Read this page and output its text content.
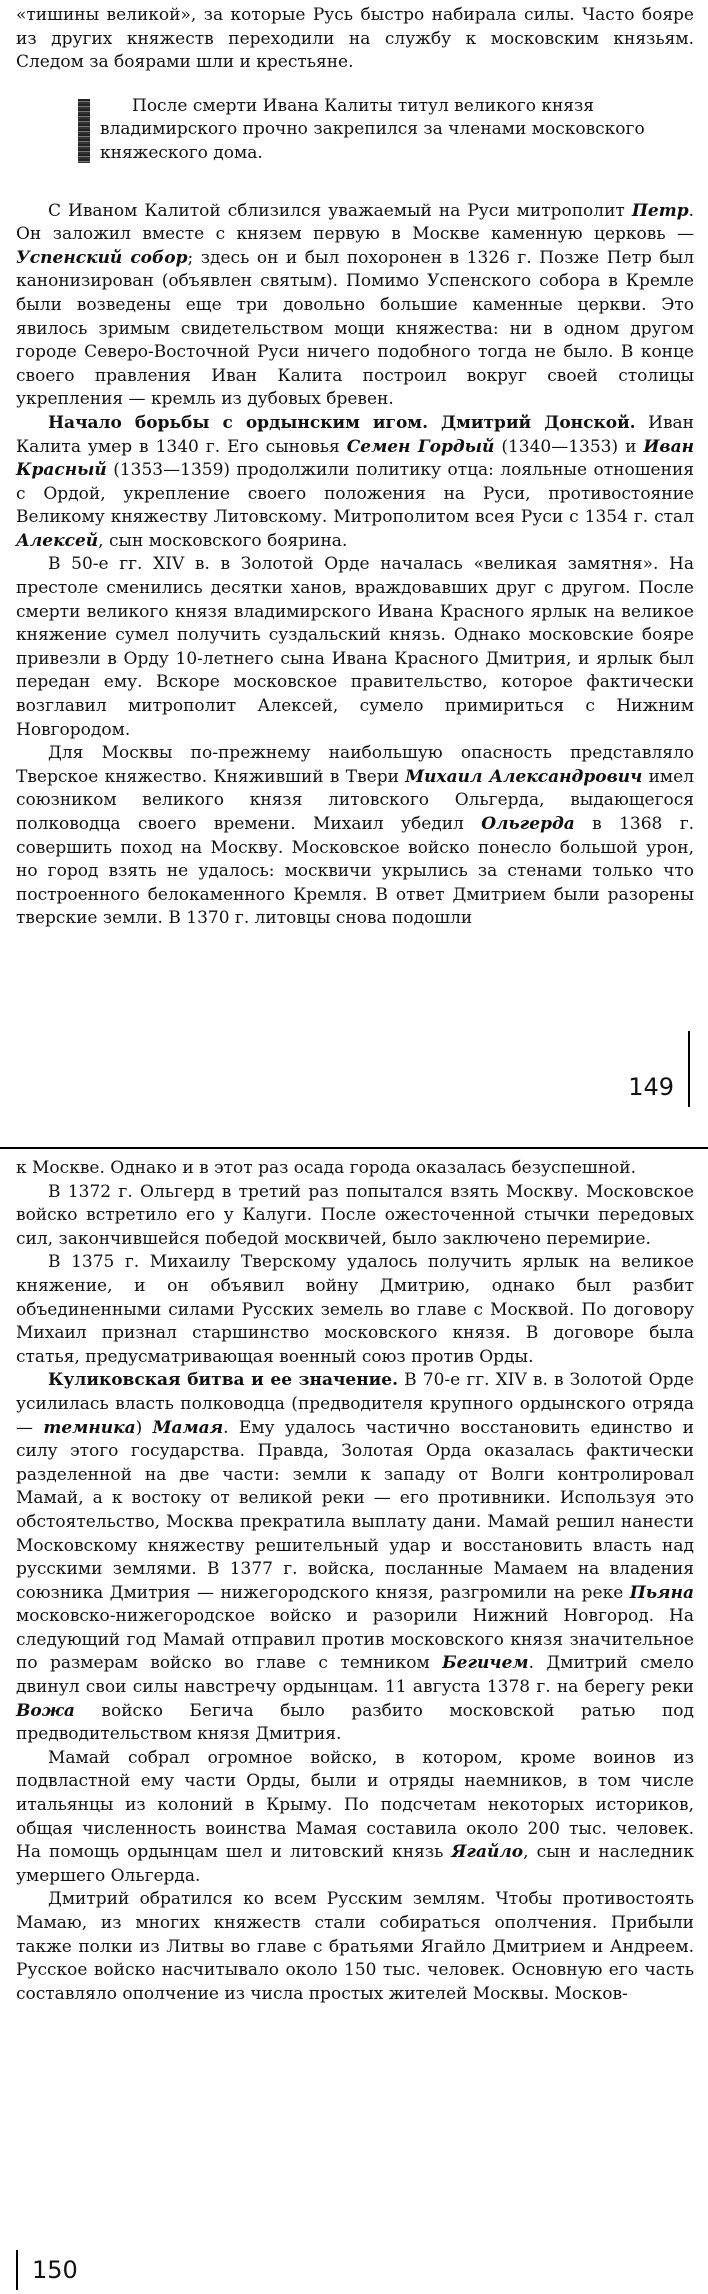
«тишины великой», за которые Русь быстро набирала силы. Часто бояре из других княжеств переходили на службу к московским князьям. Следом за боярами шли и крестьяне.

После смерти Ивана Калиты титул великого князя владимирского прочно закрепился за членами московского княжеского дома.

С Иваном Калитой сблизился уважаемый на Руси митрополит Петр. Он заложил вместе с князем первую в Москве каменную церковь — Успенский собор; здесь он и был похоронен в 1326 г. Позже Петр был канонизирован (объявлен святым). Помимо Успенского собора в Кремле были возведены еще три довольно большие каменные церкви. Это явилось зримым свидетельством мощи княжества: ни в одном другом городе Северо-Восточной Руси ничего подобного тогда не было. В конце своего правления Иван Калита построил вокруг своей столицы укрепления — кремль из дубовых бревен.

Начало борьбы с ордынским игом. Дмитрий Донской. Иван Калита умер в 1340 г. Его сыновья Семен Гордый (1340—1353) и Иван Красный (1353—1359) продолжили политику отца: лояльные отношения с Ордой, укрепление своего положения на Руси, противостояние Великому княжеству Литовскому. Митрополитом всея Руси с 1354 г. стал Алексей, сын московского боярина.

В 50-е гг. XIV в. в Золотой Орде началась «великая замятня». На престоле сменились десятки ханов, враждовавших друг с другом. После смерти великого князя владимирского Ивана Красного ярлык на великое княжение сумел получить суздальский князь. Однако московские бояре привезли в Орду 10-летнего сына Ивана Красного Дмитрия, и ярлык был передан ему. Вскоре московское правительство, которое фактически возглавил митрополит Алексей, сумело примириться с Нижним Новгородом.

Для Москвы по-прежнему наибольшую опасность представляло Тверское княжество. Княживший в Твери Михаил Александрович имел союзником великого князя литовского Ольгерда, выдающегося полководца своего времени. Михаил убедил Ольгерда в 1368 г. совершить поход на Москву. Московское войско понесло большой урон, но город взять не удалось: москвичи укрылись за стенами только что построенного белокаменного Кремля. В ответ Дмитрием были разорены тверские земли. В 1370 г. литовцы снова подошли

149

к Москве. Однако и в этот раз осада города оказалась безуспешной.

В 1372 г. Ольгерд в третий раз попытался взять Москву. Московское войско встретило его у Калуги. После ожесточенной стычки передовых сил, закончившейся победой москвичей, было заключено перемирие.

В 1375 г. Михаилу Тверскому удалось получить ярлык на великое княжение, и он объявил войну Дмитрию, однако был разбит объединенными силами Русских земель во главе с Москвой. По договору Михаил признал старшинство московского князя. В договоре была статья, предусматривающая военный союз против Орды.

Куликовская битва и ее значение. В 70-е гг. XIV в. в Золотой Орде усилилась власть полководца (предводителя крупного ордынского отряда — темника) Мамая. Ему удалось частично восстановить единство и силу этого государства. Правда, Золотая Орда оказалась фактически разделенной на две части: земли к западу от Волги контролировал Мамай, а к востоку от великой реки — его противники. Используя это обстоятельство, Москва прекратила выплату дани. Мамай решил нанести Московскому княжеству решительный удар и восстановить власть над русскими землями. В 1377 г. войска, посланные Мамаем на владения союзника Дмитрия — нижегородского князя, разгромили на реке Пьяна московско-нижегородское войско и разорили Нижний Новгород. На следующий год Мамай отправил против московского князя значительное по размерам войско во главе с темником Бегичем. Дмитрий смело двинул свои силы навстречу ордынцам. 11 августа 1378 г. на берегу реки Вожа войско Бегича было разбито московской ратью под предводительством князя Дмитрия.

Мамай собрал огромное войско, в котором, кроме воинов из подвластной ему части Орды, были и отряды наемников, в том числе итальянцы из колоний в Крыму. По подсчетам некоторых историков, общая численность воинства Мамая составила около 200 тыс. человек. На помощь ордынцам шел и литовский князь Ягайло, сын и наследник умершего Ольгерда.

Дмитрий обратился ко всем Русским землям. Чтобы противостоять Мамаю, из многих княжеств стали собираться ополчения. Прибыли также полки из Литвы во главе с братьями Ягайло Дмитрием и Андреем. Русское войско насчитывало около 150 тыс. человек. Основную его часть составляло ополчение из числа простых жителей Москвы. Москов-

150
